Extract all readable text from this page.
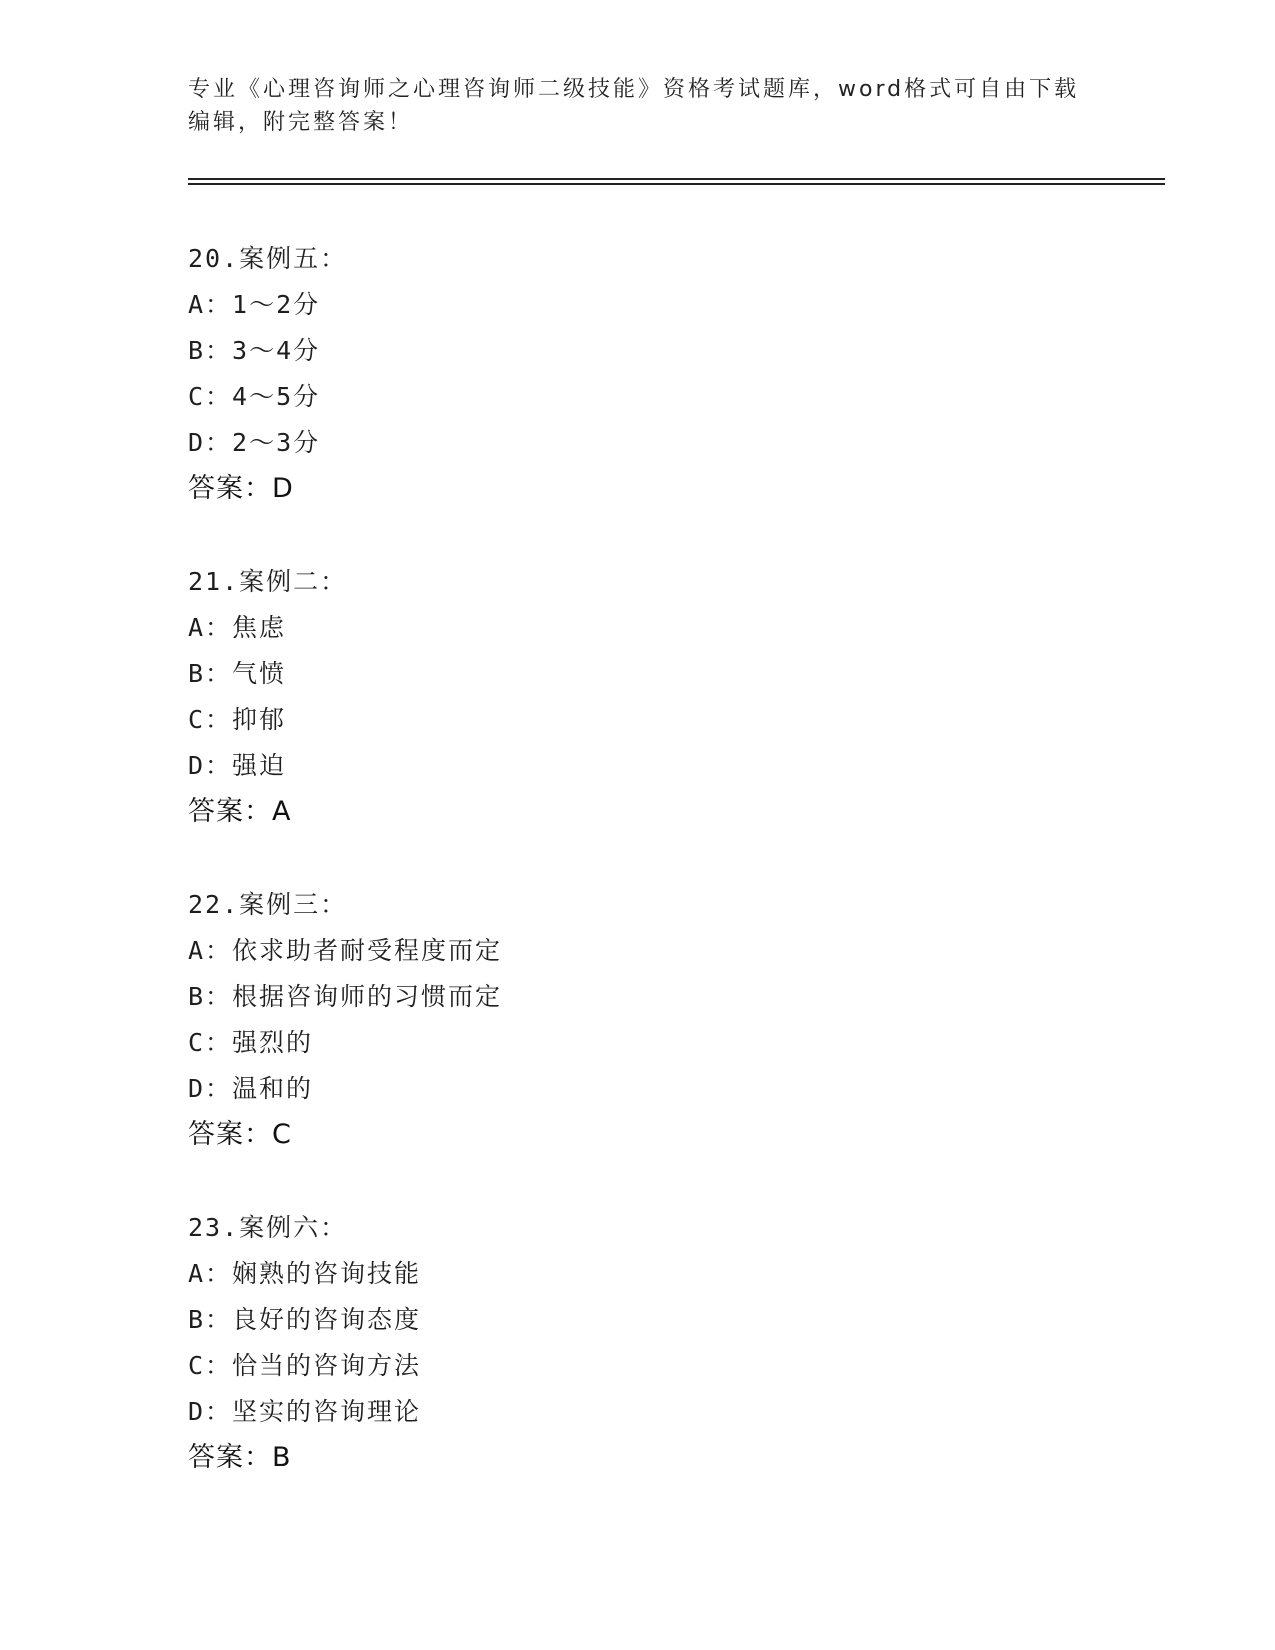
专业《心理咨询师之心理咨询师二级技能》资格考试题库，word格式可自由下载
编辑，附完整答案！
20.案例五：
A：1～2分
B：3～4分
C：4～5分
D：2～3分
答案：D
21.案例二：
A：焦虑
B：气愤
C：抑郁
D：强迫
答案：A
22.案例三：
A：依求助者耐受程度而定
B：根据咨询师的习惯而定
C：强烈的
D：温和的
答案：C
23.案例六：
A：娴熟的咨询技能
B：良好的咨询态度
C：恰当的咨询方法
D：坚实的咨询理论
答案：B
